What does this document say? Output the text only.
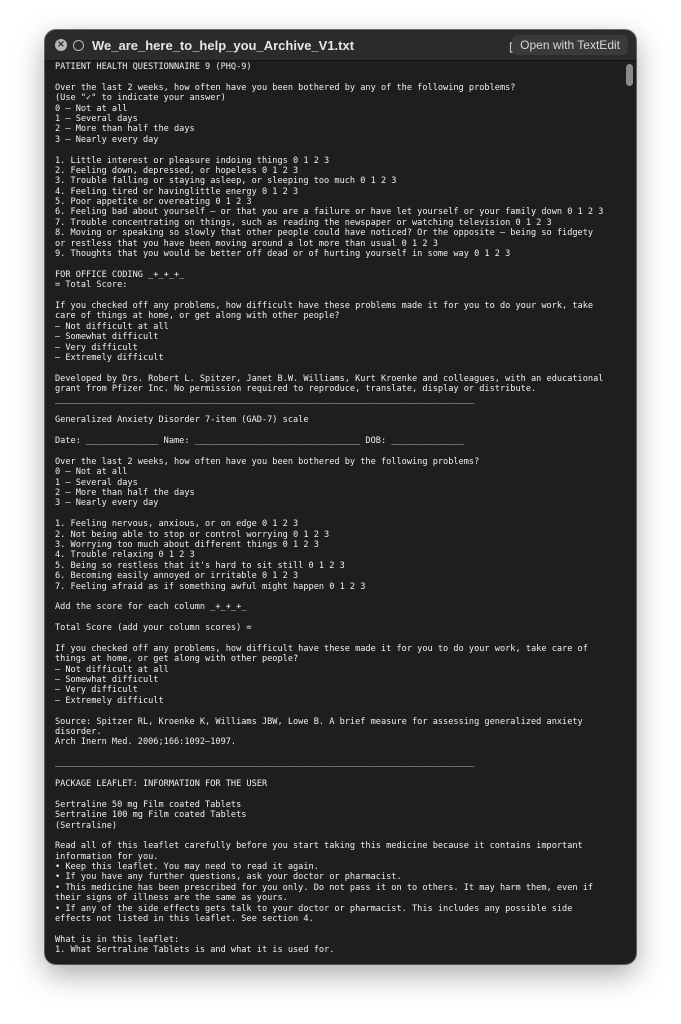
× We_are_here_to_help_you_Archive_V1.txt	Open with TextEdit
PATIENT HEALTH QUESTIONNAIRE 9 (PHQ-9)
Over the last 2 weeks, how often have you been bothered by any of the following problems?
(Use "✓" to indicate your answer)
0 – Not at all
1 – Several days
2 – More than half the days
3 – Nearly every day
1. Little interest or pleasure indoing things 0 1 2 3
2. Feeling down, depressed, or hopeless 0 1 2 3
3. Trouble falling or staying asleep, or sleeping too much 0 1 2 3
4. Feeling tired or havinglittle energy 0 1 2 3
5. Poor appetite or overeating 0 1 2 3
6. Feeling bad about yourself – or that you are a failure or have let yourself or your family down 0 1 2 3
7. Trouble concentrating on things, such as reading the newspaper or watching television 0 1 2 3
8. Moving or speaking so slowly that other people could have noticed? Or the opposite – being so fidgety
or restless that you have been moving around a lot more than usual 0 1 2 3
9. Thoughts that you would be better off dead or of hurting yourself in some way 0 1 2 3
FOR OFFICE CODING _+_+_+_
= Total Score:
If you checked off any problems, how difficult have these problems made it for you to do your work, take
care of things at home, or get along with other people?
– Not difficult at all
– Somewhat difficult
– Very difficult
– Extremely difficult
Developed by Drs. Robert L. Spitzer, Janet B.W. Williams, Kurt Kroenke and colleagues, with an educational
grant from Pfizer Inc. No permission required to reproduce, translate, display or distribute.
_________________________________________________________________________________
Generalized Anxiety Disorder 7-item (GAD-7) scale
Date: ______________ Name: ________________________________ DOB: ______________
Over the last 2 weeks, how often have you been bothered by the following problems?
0 – Not at all
1 – Several days
2 – More than half the days
3 – Nearly every day
1. Feeling nervous, anxious, or on edge 0 1 2 3
2. Not being able to stop or control worrying 0 1 2 3
3. Worrying too much about different things 0 1 2 3
4. Trouble relaxing 0 1 2 3
5. Being so restless that it's hard to sit still 0 1 2 3
6. Becoming easily annoyed or irritable 0 1 2 3
7. Feeling afraid as if something awful might happen 0 1 2 3
Add the score for each column _+_+_+_
Total Score (add your column scores) =
If you checked off any problems, how difficult have these made it for you to do your work, take care of
things at home, or get along with other people?
– Not difficult at all
– Somewhat difficult
– Very difficult
– Extremely difficult
Source: Spitzer RL, Kroenke K, Williams JBW, Lowe B. A brief measure for assessing generalized anxiety
disorder.
Arch Inern Med. 2006;166:1092–1097.
_________________________________________________________________________________
PACKAGE LEAFLET: INFORMATION FOR THE USER
Sertraline 50 mg Film coated Tablets
Sertraline 100 mg Film coated Tablets
(Sertraline)
Read all of this leaflet carefully before you start taking this medicine because it contains important
information for you.
• Keep this leaflet. You may need to read it again.
• If you have any further questions, ask your doctor or pharmacist.
• This medicine has been prescribed for you only. Do not pass it on to others. It may harm them, even if
their signs of illness are the same as yours.
• If any of the side effects gets talk to your doctor or pharmacist. This includes any possible side
effects not listed in this leaflet. See section 4.
What is in this leaflet:
1. What Sertraline Tablets is and what it is used for.
